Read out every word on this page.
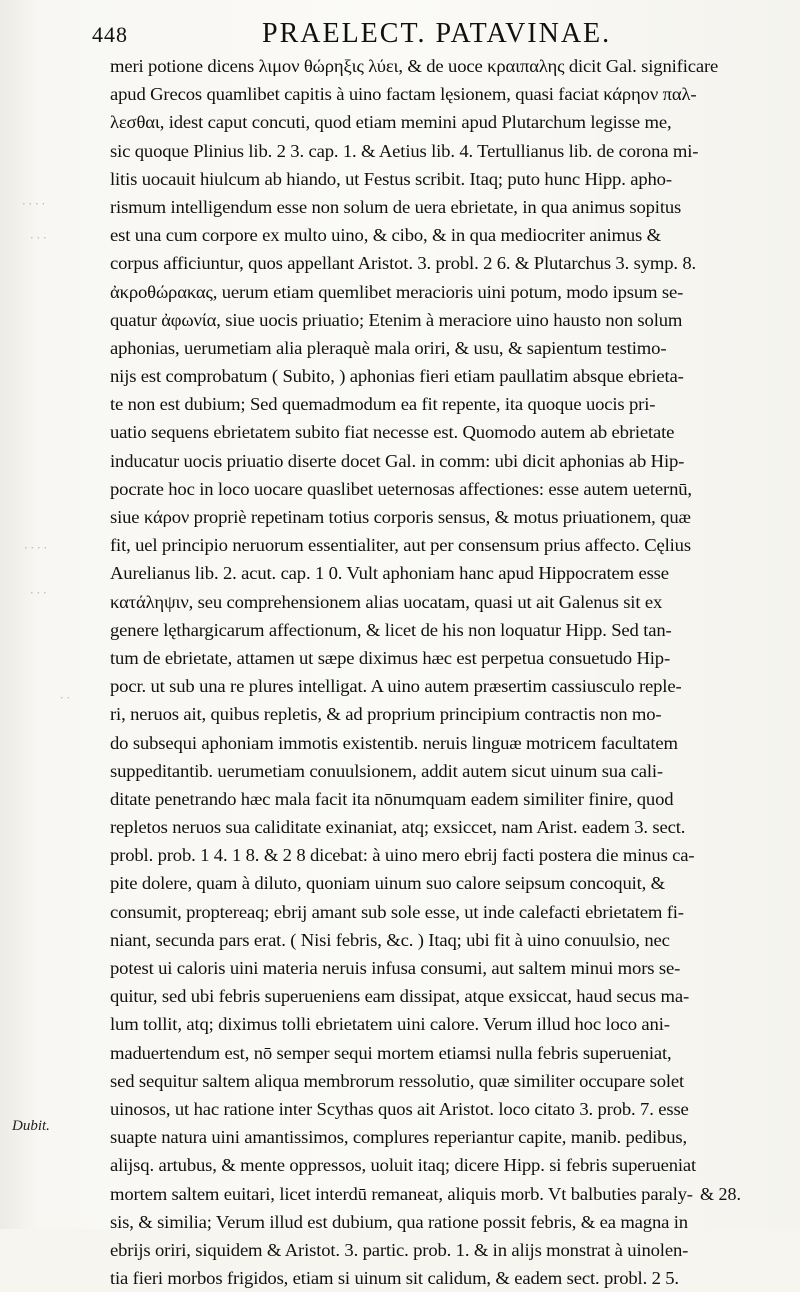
· · · ·
· · ·
· · · ·
· · ·
· ·
Dubit.
448	PRAELECT. PATAVINAE.
meri potione dicens λιμον θώρηξις λύει, & de uoce κραιπαλης dicit Gal. significare
apud Grecos quamlibet capitis à uino factam lęsionem, quasi faciat κάρηον παλ-
λεσθαι, idest caput concuti, quod etiam memini apud Plutarchum legisse me,
sic quoque Plinius lib. 2 3. cap. 1. & Aetius lib. 4. Tertullianus lib. de corona mi-
litis uocauit hiulcum ab hiando, ut Festus scribit. Itaq; puto hunc Hipp. apho-
rismum intelligendum esse non solum de uera ebrietate, in qua animus sopitus
est una cum corpore ex multo uino, & cibo, & in qua mediocriter animus &
corpus afficiuntur, quos appellant Aristot. 3. probl. 2 6. & Plutarchus 3. symp. 8.
ἀκροθώρακας, uerum etiam quemlibet meracioris uini potum, modo ipsum se-
quatur ἀφωνία, siue uocis priuatio; Etenim à meraciore uino hausto non solum
aphonias, uerumetiam alia pleraquè mala oriri, & usu, & sapientum testimo-
nijs est comprobatum ( Subito, ) aphonias fieri etiam paullatim absque ebrieta-
te non est dubium; Sed quemadmodum ea fit repente, ita quoque uocis pri-
uatio sequens ebrietatem subito fiat necesse est. Quomodo autem ab ebrietate
inducatur uocis priuatio diserte docet Gal. in comm: ubi dicit aphonias ab Hip-
pocrate hoc in loco uocare quaslibet ueternosas affectiones: esse autem ueternū,
siue κάρον propriè repetinam totius corporis sensus, & motus priuationem, quæ
fit, uel principio neruorum essentialiter, aut per consensum prius affecto. Cęlius
Aurelianus lib. 2. acut. cap. 1 0. Vult aphoniam hanc apud Hippocratem esse
κατάληψιν, seu comprehensionem alias uocatam, quasi ut ait Galenus sit ex
genere lęthargicarum affectionum, & licet de his non loquatur Hipp. Sed tan-
tum de ebrietate, attamen ut sæpe diximus hæc est perpetua consuetudo Hip-
pocr. ut sub una re plures intelligat. A uino autem præsertim cassiusculo reple-
ri, neruos ait, quibus repletis, & ad proprium principium contractis non mo-
do subsequi aphoniam immotis existentib. neruis linguæ motricem facultatem
suppeditantib. uerumetiam conuulsionem, addit autem sicut uinum sua cali-
ditate penetrando hæc mala facit ita nōnumquam eadem similiter finire, quod
repletos neruos sua caliditate exinaniat, atq; exsiccet, nam Arist. eadem 3. sect.
probl. prob. 1 4. 1 8. & 2 8 dicebat: à uino mero ebrij facti postera die minus ca-
pite dolere, quam à diluto, quoniam uinum suo calore seipsum concoquit, &
consumit, proptereaq; ebrij amant sub sole esse, ut inde calefacti ebrietatem fi-
niant, secunda pars erat. ( Nisi febris, &c. ) Itaq; ubi fit à uino conuulsio, nec
potest ui caloris uini materia neruis infusa consumi, aut saltem minui mors se-
quitur, sed ubi febris superueniens eam dissipat, atque exsiccat, haud secus ma-
lum tollit, atq; diximus tolli ebrietatem uini calore. Verum illud hoc loco ani-
maduertendum est, nō semper sequi mortem etiamsi nulla febris superueniat,
sed sequitur saltem aliqua membrorum ressolutio, quæ similiter occupare solet
uinosos, ut hac ratione inter Scythas quos ait Aristot. loco citato 3. prob. 7. esse
suapte natura uini amantissimos, complures reperiantur capite, manib. pedibus,
alijsq. artubus, & mente oppressos, uoluit itaq; dicere Hipp. si febris superueniat
mortem saltem euitari, licet interdū remaneat, aliquis morb. Vt balbuties paraly-
sis, & similia; Verum illud est dubium, qua ratione possit febris, & ea magna in
ebrijs oriri, siquidem & Aristot. 3. partic. prob. 1. & in alijs monstrat à uinolen-
tia fieri morbos frigidos, etiam si uinum sit calidum, & eadem sect. probl. 2 5.
& 28.
